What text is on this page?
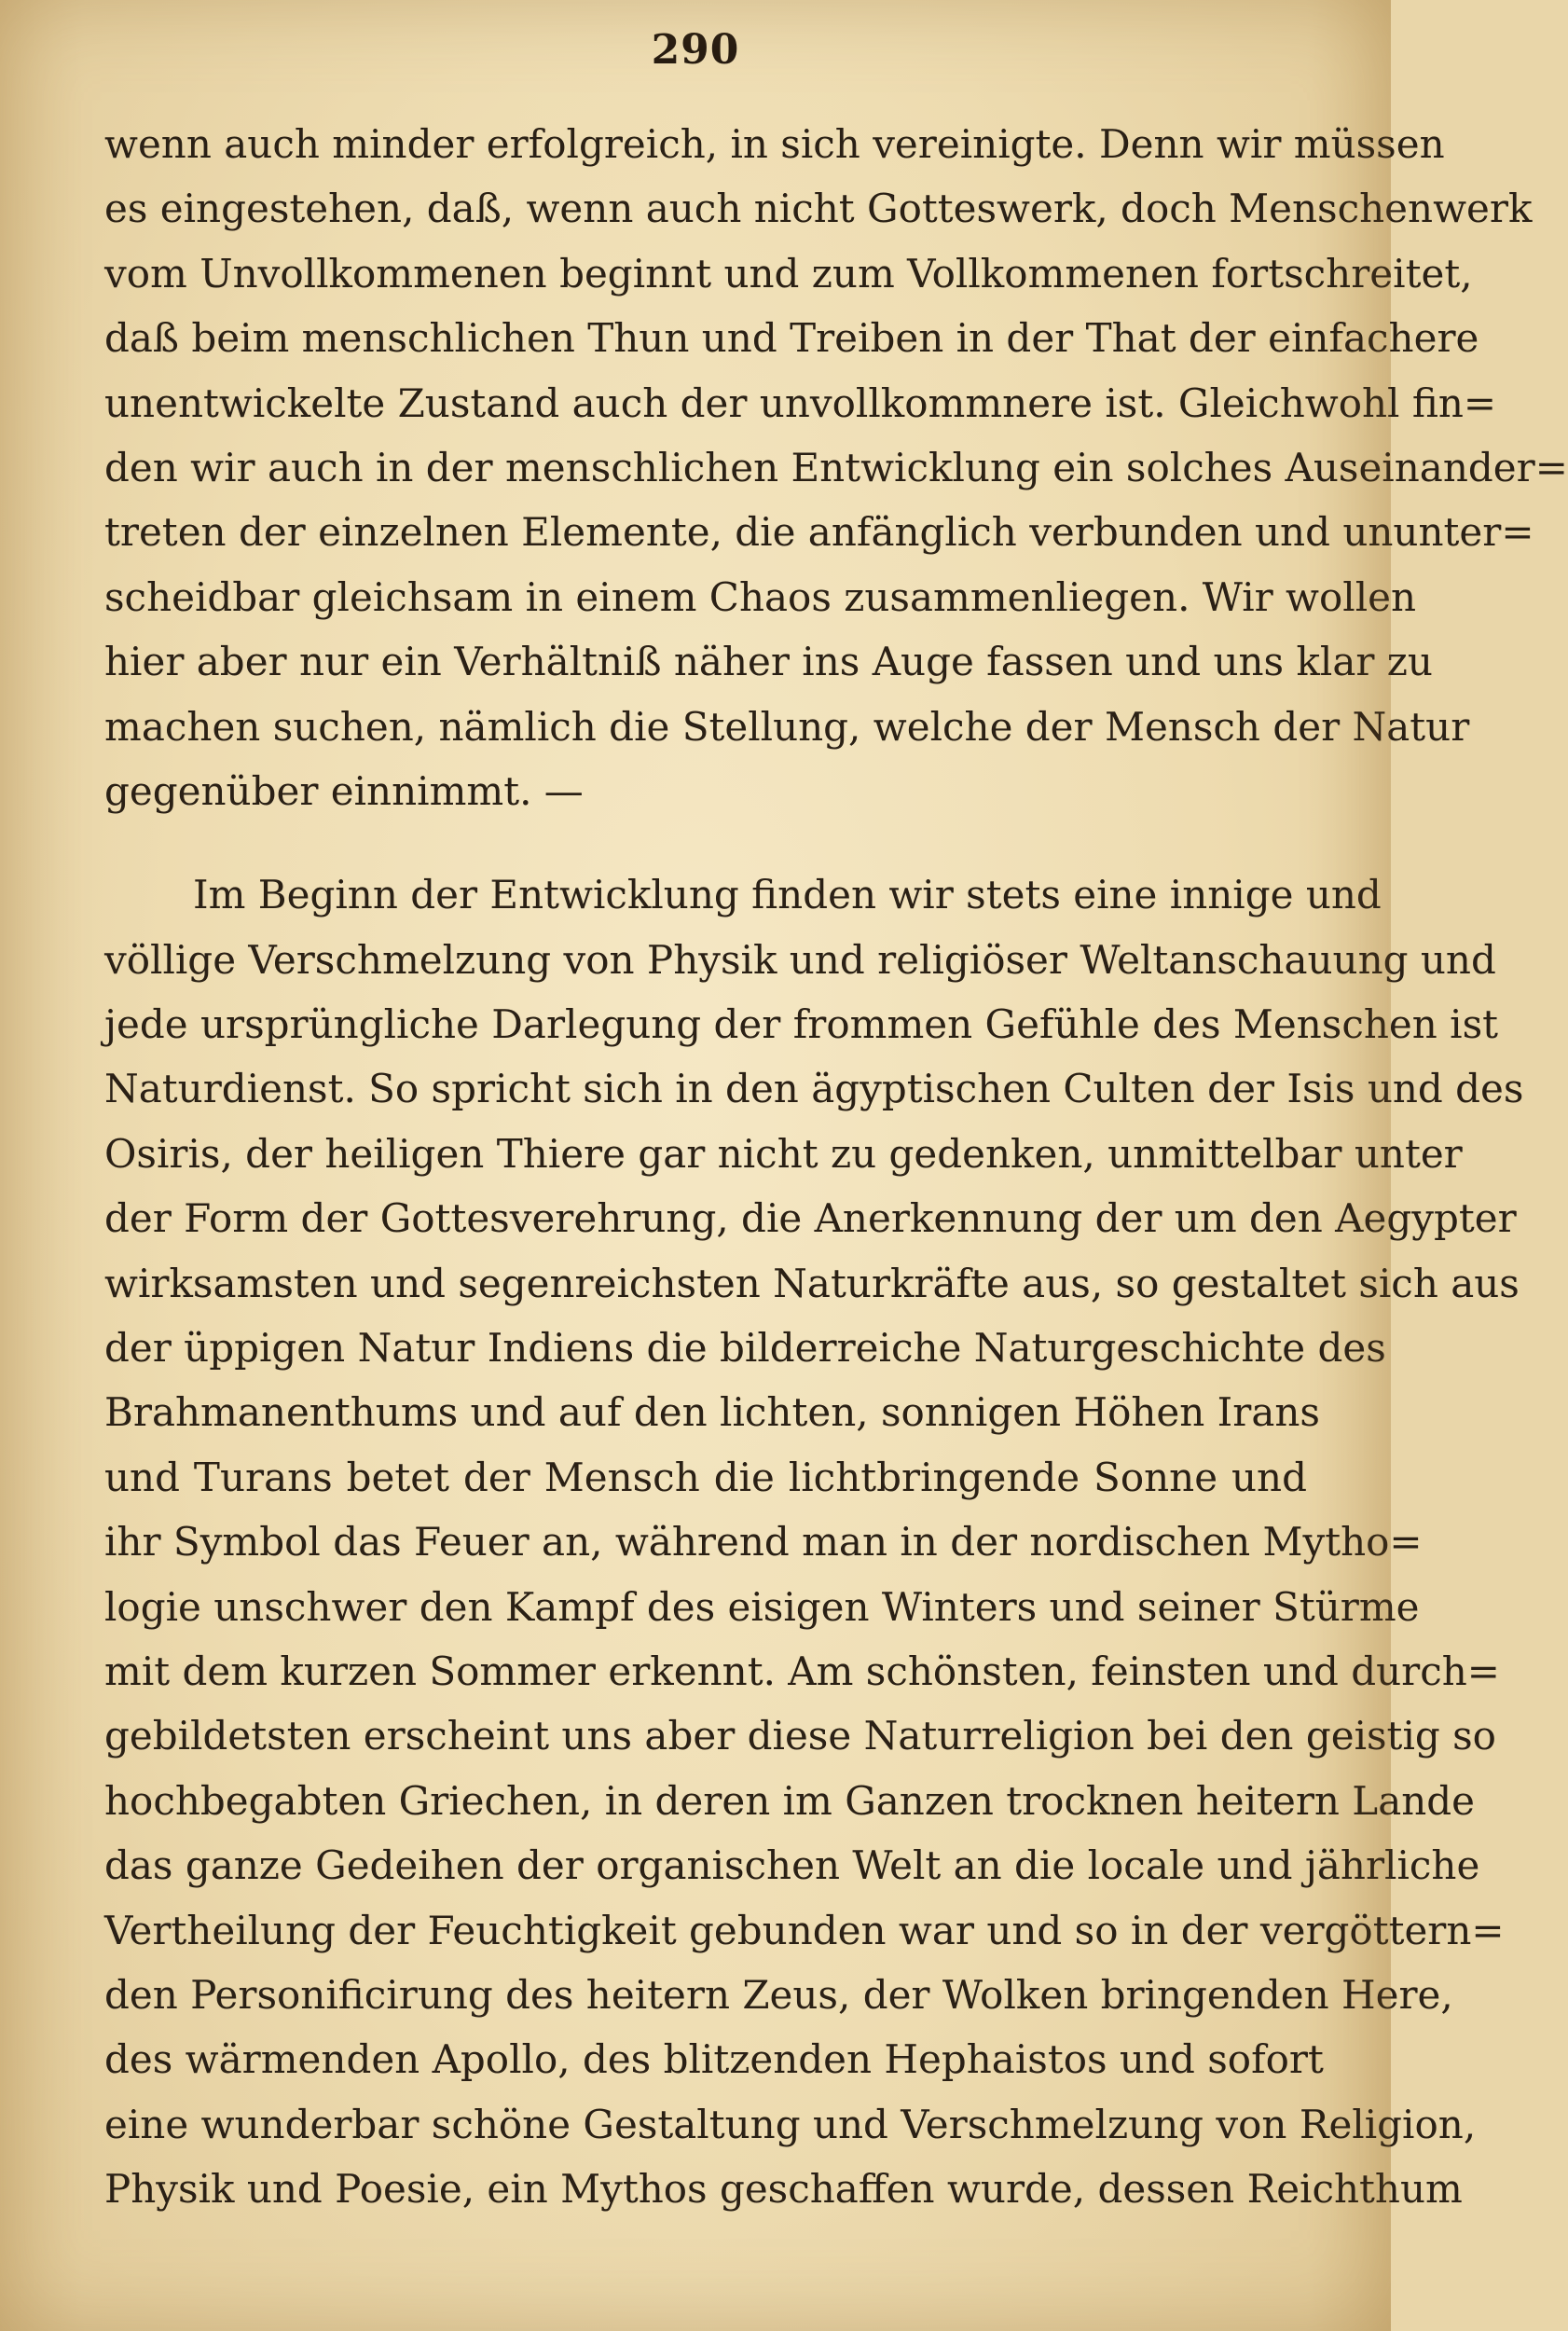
290
wenn auch minder erfolgreich, in sich vereinigte. Denn wir müssen
es eingestehen, daß, wenn auch nicht Gotteswerk, doch Menschenwerk
vom Unvollkommenen beginnt und zum Vollkommenen fortschreitet,
daß beim menschlichen Thun und Treiben in der That der einfachere
unentwickelte Zustand auch der unvollkommnere ist. Gleichwohl fin=
den wir auch in der menschlichen Entwicklung ein solches Auseinander=
treten der einzelnen Elemente, die anfänglich verbunden und ununter=
scheidbar gleichsam in einem Chaos zusammenliegen. Wir wollen
hier aber nur ein Verhältniß näher ins Auge fassen und uns klar zu
machen suchen, nämlich die Stellung, welche der Mensch der Natur
gegenüber einnimmt. —
Im Beginn der Entwicklung finden wir stets eine innige und
völlige Verschmelzung von Physik und religiöser Weltanschauung und
jede ursprüngliche Darlegung der frommen Gefühle des Menschen ist
Naturdienst. So spricht sich in den ägyptischen Culten der Isis und des
Osiris, der heiligen Thiere gar nicht zu gedenken, unmittelbar unter
der Form der Gottesverehrung, die Anerkennung der um den Aegypter
wirksamsten und segenreichsten Naturkräfte aus, so gestaltet sich aus
der üppigen Natur Indiens die bilderreiche Naturgeschichte des
Brahmanenthums und auf den lichten, sonnigen Höhen Irans
und Turans betet der Mensch die lichtbringende Sonne und
ihr Symbol das Feuer an, während man in der nordischen Mytho=
logie unschwer den Kampf des eisigen Winters und seiner Stürme
mit dem kurzen Sommer erkennt. Am schönsten, feinsten und durch=
gebildetsten erscheint uns aber diese Naturreligion bei den geistig so
hochbegabten Griechen, in deren im Ganzen trocknen heitern Lande
das ganze Gedeihen der organischen Welt an die locale und jährliche
Vertheilung der Feuchtigkeit gebunden war und so in der vergöttern=
den Personificirung des heitern Zeus, der Wolken bringenden Here,
des wärmenden Apollo, des blitzenden Hephaistos und sofort
eine wunderbar schöne Gestaltung und Verschmelzung von Religion,
Physik und Poesie, ein Mythos geschaffen wurde, dessen Reichthum
